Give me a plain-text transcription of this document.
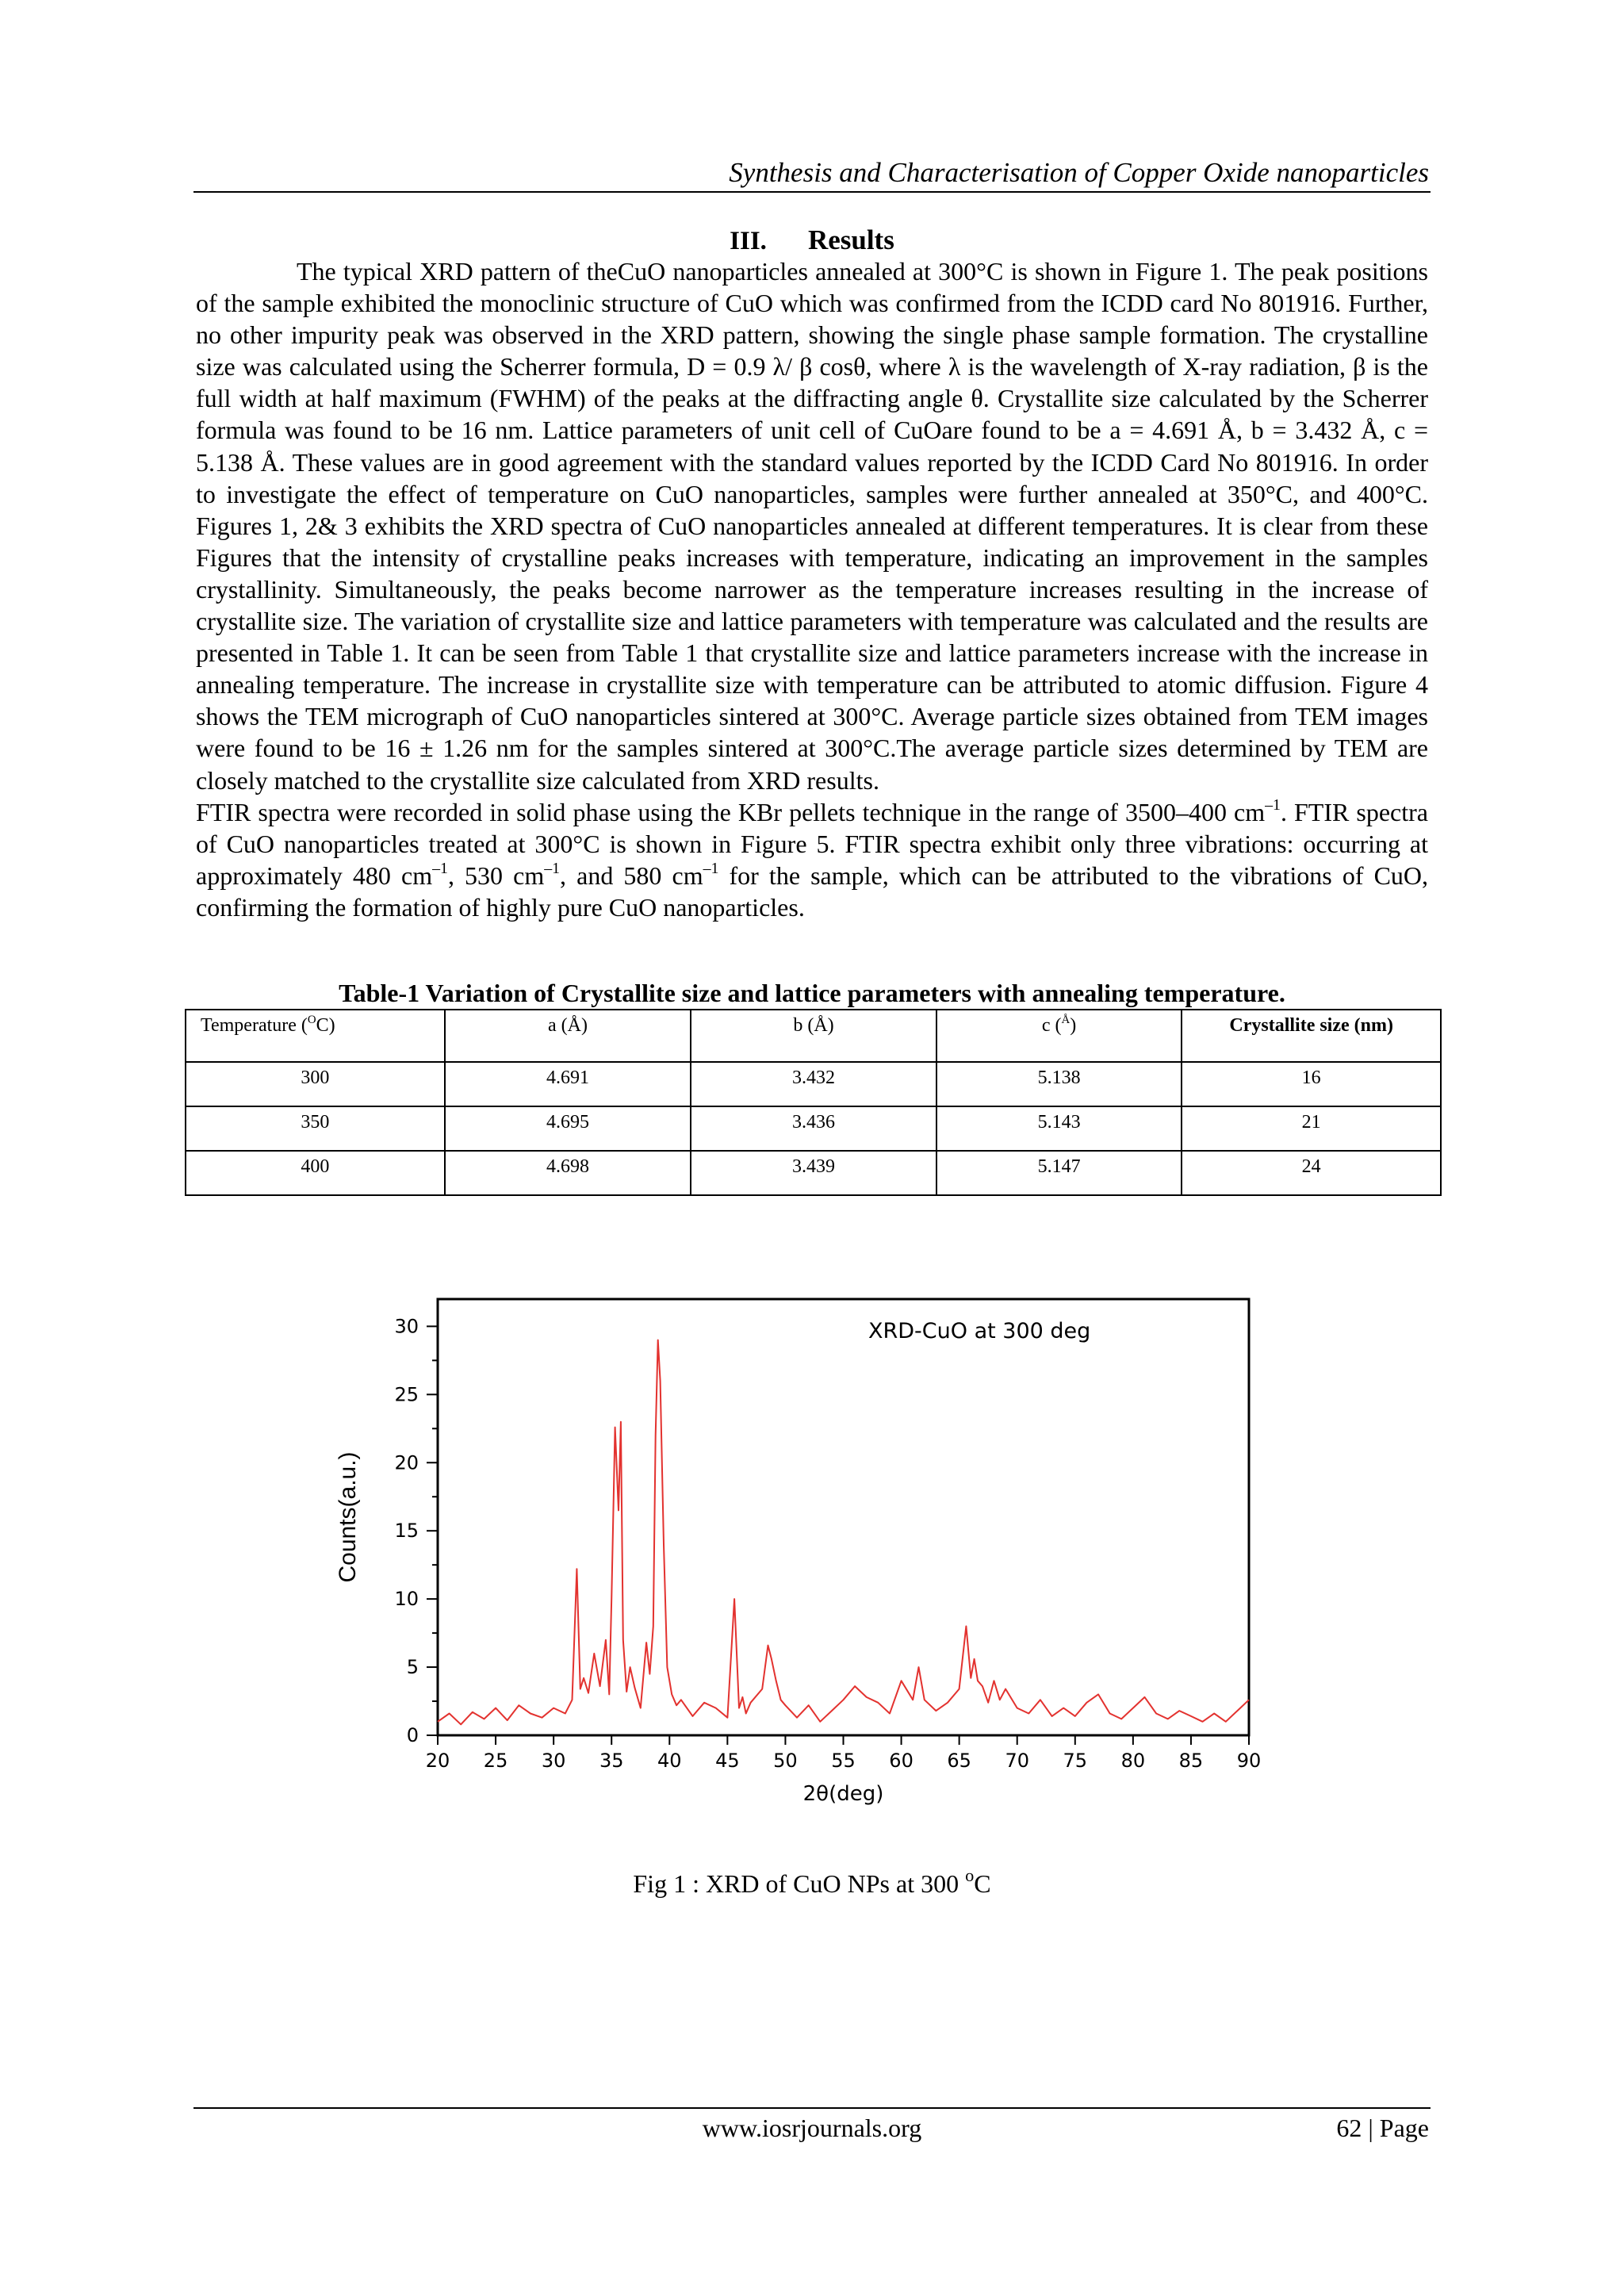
Synthesis and Characterisation of Copper Oxide nanoparticles
III. Results

The typical XRD pattern of theCuO nanoparticles annealed at 300°C is shown in Figure 1. The peak positions of the sample exhibited the monoclinic structure of CuO which was confirmed from the ICDD card No 801916. Further, no other impurity peak was observed in the XRD pattern, showing the single phase sample formation. The crystalline size was calculated using the Scherrer formula, D = 0.9 λ/ β cosθ, where λ is the wavelength of X-ray radiation, β is the full width at half maximum (FWHM) of the peaks at the diffracting angle θ. Crystallite size calculated by the Scherrer formula was found to be 16 nm. Lattice parameters of unit cell of CuOare found to be a = 4.691 Å, b = 3.432 Å, c = 5.138 Å. These values are in good agreement with the standard values reported by the ICDD Card No 801916. In order to investigate the effect of temperature on CuO nanoparticles, samples were further annealed at 350°C, and 400°C. Figures 1, 2& 3 exhibits the XRD spectra of CuO nanoparticles annealed at different temperatures. It is clear from these Figures that the intensity of crystalline peaks increases with temperature, indicating an improvement in the samples crystallinity. Simultaneously, the peaks become narrower as the temperature increases resulting in the increase of crystallite size. The variation of crystallite size and lattice parameters with temperature was calculated and the results are presented in Table 1. It can be seen from Table 1 that crystallite size and lattice parameters increase with the increase in annealing temperature. The increase in crystallite size with temperature can be attributed to atomic diffusion. Figure 4 shows the TEM micrograph of CuO nanoparticles sintered at 300°C. Average particle sizes obtained from TEM images were found to be 16 ± 1.26 nm for the samples sintered at 300°C.The average particle sizes determined by TEM are closely matched to the crystallite size calculated from XRD results.

FTIR spectra were recorded in solid phase using the KBr pellets technique in the range of 3500–400 $cm^{-1}$. FTIR spectra of CuO nanoparticles treated at 300°C is shown in Figure 5. FTIR spectra exhibit only three vibrations: occurring at approximately 480 $cm^{-1}$, 530 $cm^{-1}$, and 580 $cm^{-1}$ for the sample, which can be attributed to the vibrations of CuO, confirming the formation of highly pure CuO nanoparticles.

Table-1 Variation of Crystallite size and lattice parameters with annealing temperature.
Temperature ($^O$C)	a (Å)	b (Å)	c ($^Å$)	Crystallite size (nm)
300	4.691	3.432	5.138	16
350	4.695	3.436	5.143	21
400	4.698	3.439	5.147	24
0
5
10
15
20
25
30
20 25 30 35 40 45 50 55 60 65 70 75 80 85 90
XRD-CuO at 300 deg
2θ(deg)
Counts(a.u.)
Fig 1 : XRD of CuO NPs at 300 $^o$C
www.iosrjournals.org	62 | Page
